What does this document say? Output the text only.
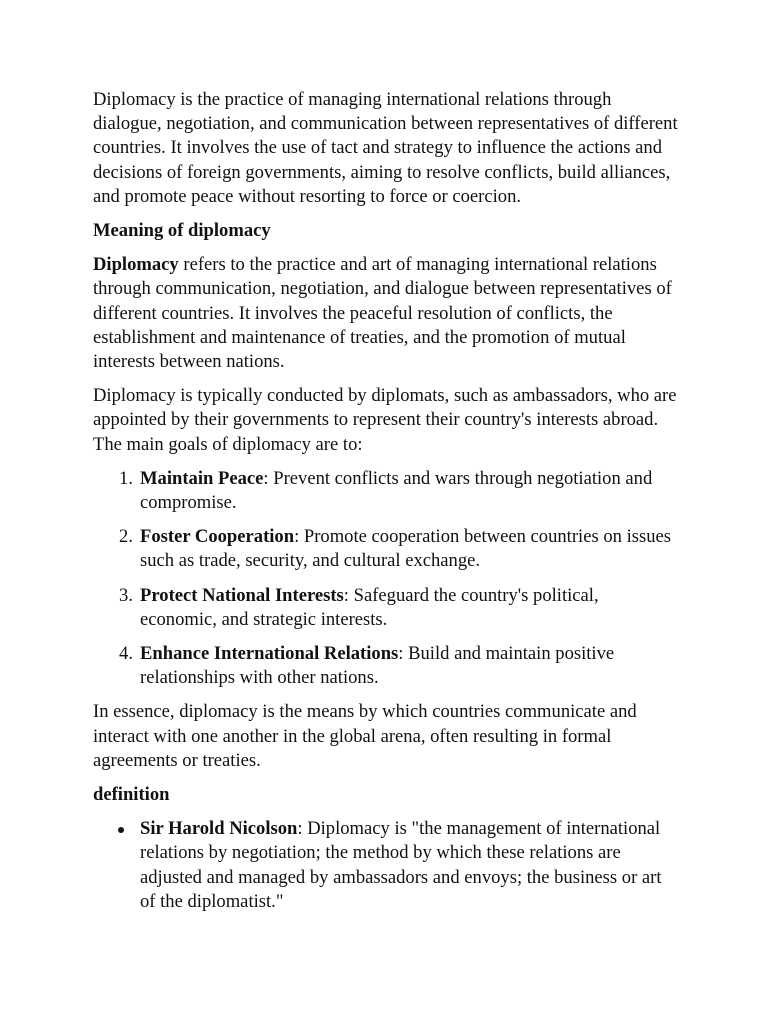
Diplomacy is the practice of managing international relations through dialogue, negotiation, and communication between representatives of different countries. It involves the use of tact and strategy to influence the actions and decisions of foreign governments, aiming to resolve conflicts, build alliances, and promote peace without resorting to force or coercion.

Meaning of diplomacy

Diplomacy refers to the practice and art of managing international relations through communication, negotiation, and dialogue between representatives of different countries. It involves the peaceful resolution of conflicts, the establishment and maintenance of treaties, and the promotion of mutual interests between nations.

Diplomacy is typically conducted by diplomats, such as ambassadors, who are appointed by their governments to represent their country's interests abroad. The main goals of diplomacy are to:

1. Maintain Peace: Prevent conflicts and wars through negotiation and compromise.
2. Foster Cooperation: Promote cooperation between countries on issues such as trade, security, and cultural exchange.
3. Protect National Interests: Safeguard the country's political, economic, and strategic interests.
4. Enhance International Relations: Build and maintain positive relationships with other nations.

In essence, diplomacy is the means by which countries communicate and interact with one another in the global arena, often resulting in formal agreements or treaties.

definition
Sir Harold Nicolson: Diplomacy is "the management of international relations by negotiation; the method by which these relations are adjusted and managed by ambassadors and envoys; the business or art of the diplomatist."
